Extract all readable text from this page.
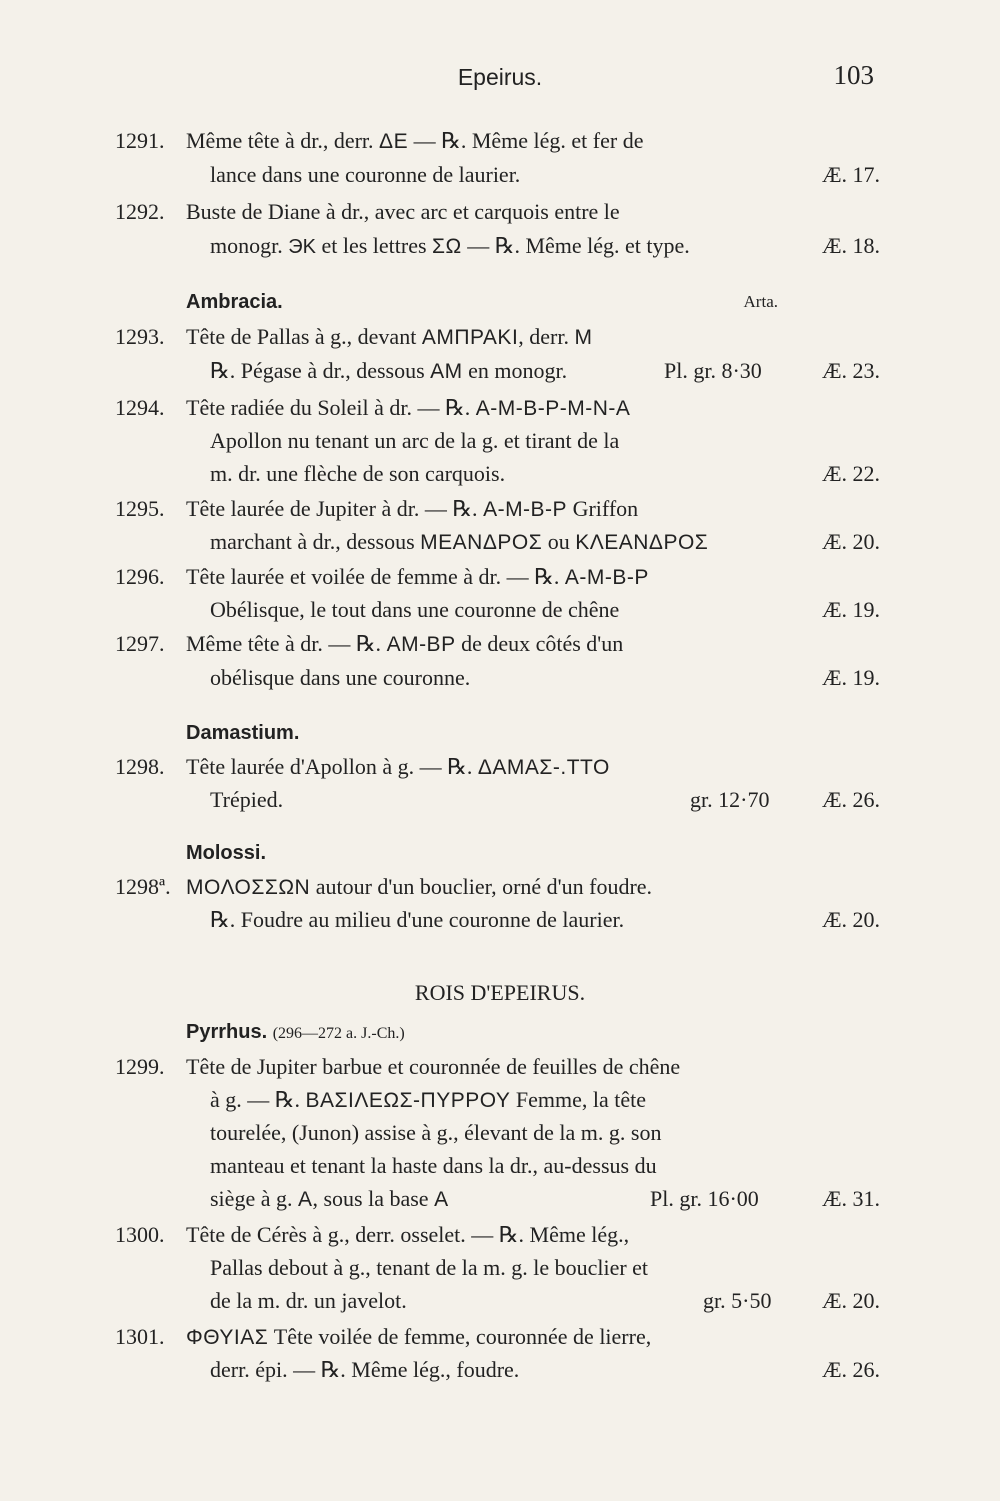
Epeirus.	103
1291. Même tête à dr., derr. ΔΕ — ℞. Même lég. et fer de
lance dans une couronne de laurier.	Æ. 17.
1292. Buste de Diane à dr., avec arc et carquois entre le
monogr. ЭK et les lettres ΣΩ — ℞. Même lég. et type.	Æ. 18.
Ambracia.	Arta.
1293. Tête de Pallas à g., devant ΑΜΠΡΑΚΙ, derr. M
℞. Pégase à dr., dessous AM en monogr.	Pl. gr. 8·30	Æ. 23.
1294. Tête radiée du Soleil à dr. — ℞. A-M-B-P-M-N-A
Apollon nu tenant un arc de la g. et tirant de la
m. dr. une flèche de son carquois.	Æ. 22.
1295. Tête laurée de Jupiter à dr. — ℞. A-M-B-P Griffon
marchant à dr., dessous ΜΕΑΝΔΡΟΣ ou ΚΛΕΑΝΔΡΟΣ	Æ. 20.
1296. Tête laurée et voilée de femme à dr. — ℞. A-M-B-P
Obélisque, le tout dans une couronne de chêne	Æ. 19.
1297. Même tête à dr. — ℞. AM-BP de deux côtés d'un
obélisque dans une couronne.	Æ. 19.
Damastium.
1298. Tête laurée d'Apollon à g. — ℞. ΔΑΜΑΣ-.ΤΤΟ
Trépied.	gr. 12·70 Æ. 26.
Molossi.
1298ª. ΜΟΛΟΣΣΩΝ autour d'un bouclier, orné d'un foudre.
℞. Foudre au milieu d'une couronne de laurier.	Æ. 20.
ROIS D'EPEIRUS.
Pyrrhus. (296—272 a. J.-Ch.)
1299. Tête de Jupiter barbue et couronnée de feuilles de chêne
à g. — ℞. ΒΑΣΙΛΕΩΣ-ΠΥΡΡΟΥ Femme, la tête
tourelée, (Junon) assise à g., élevant de la m. g. son
manteau et tenant la haste dans la dr., au-dessus du
siège à g. A, sous la base A	Pl. gr. 16·00	Æ. 31.
1300. Tête de Cérès à g., derr. osselet. — ℞. Même lég.,
Pallas debout à g., tenant de la m. g. le bouclier et
de la m. dr. un javelot.	gr. 5·50 Æ. 20.
1301. ΦΘΥΙΑΣ Tête voilée de femme, couronnée de lierre,
derr. épi. — ℞. Même lég., foudre.	Æ. 26.
